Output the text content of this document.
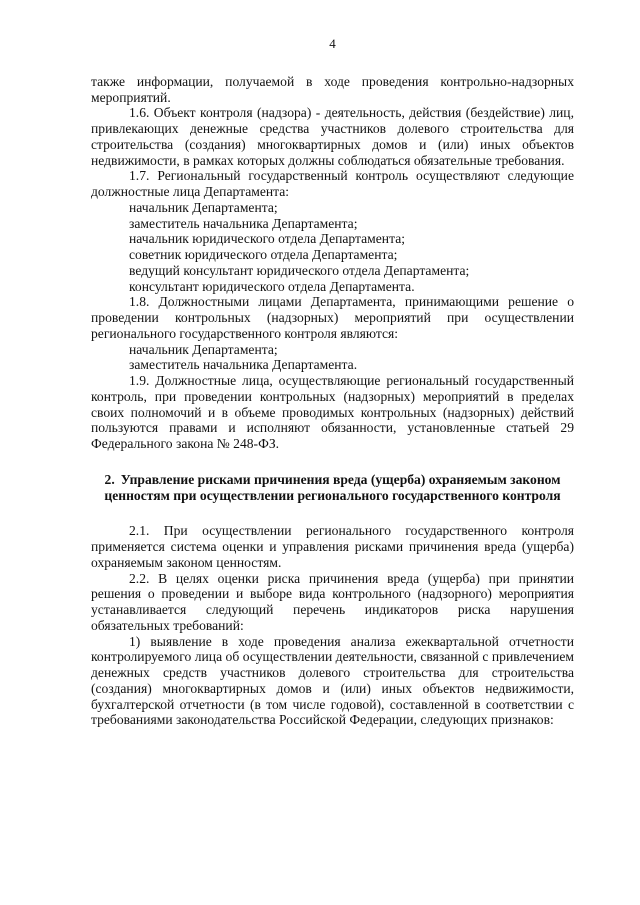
4

также информации, получаемой в ходе проведения контрольно-надзорных мероприятий.

1.6. Объект контроля (надзора) - деятельность, действия (бездействие) лиц, привлекающих денежные средства участников долевого строительства для строительства (создания) многоквартирных домов и (или) иных объектов недвижимости, в рамках которых должны соблюдаться обязательные требования.

1.7. Региональный государственный контроль осуществляют следующие должностные лица Департамента:

начальник Департамента;

заместитель начальника Департамента;

начальник юридического отдела Департамента;

советник юридического отдела Департамента;

ведущий консультант юридического отдела Департамента;

консультант юридического отдела Департамента.

1.8. Должностными лицами Департамента, принимающими решение о проведении контрольных (надзорных) мероприятий при осуществлении регионального государственного контроля являются:

начальник Департамента;

заместитель начальника Департамента.

1.9. Должностные лица, осуществляющие региональный государственный контроль, при проведении контрольных (надзорных) мероприятий в пределах своих полномочий и в объеме проводимых контрольных (надзорных) действий пользуются правами и исполняют обязанности, установленные статьей 29 Федерального закона № 248-ФЗ.

2. Управление рисками причинения вреда (ущерба) охраняемым законом ценностям при осуществлении регионального государственного контроля

2.1. При осуществлении регионального государственного контроля применяется система оценки и управления рисками причинения вреда (ущерба) охраняемым законом ценностям.

2.2. В целях оценки риска причинения вреда (ущерба) при принятии решения о проведении и выборе вида контрольного (надзорного) мероприятия устанавливается следующий перечень индикаторов риска нарушения обязательных требований:

1) выявление в ходе проведения анализа ежеквартальной отчетности контролируемого лица об осуществлении деятельности, связанной с привлечением денежных средств участников долевого строительства для строительства (создания) многоквартирных домов и (или) иных объектов недвижимости, бухгалтерской отчетности (в том числе годовой), составленной в соответствии с требованиями законодательства Российской Федерации, следующих признаков:
